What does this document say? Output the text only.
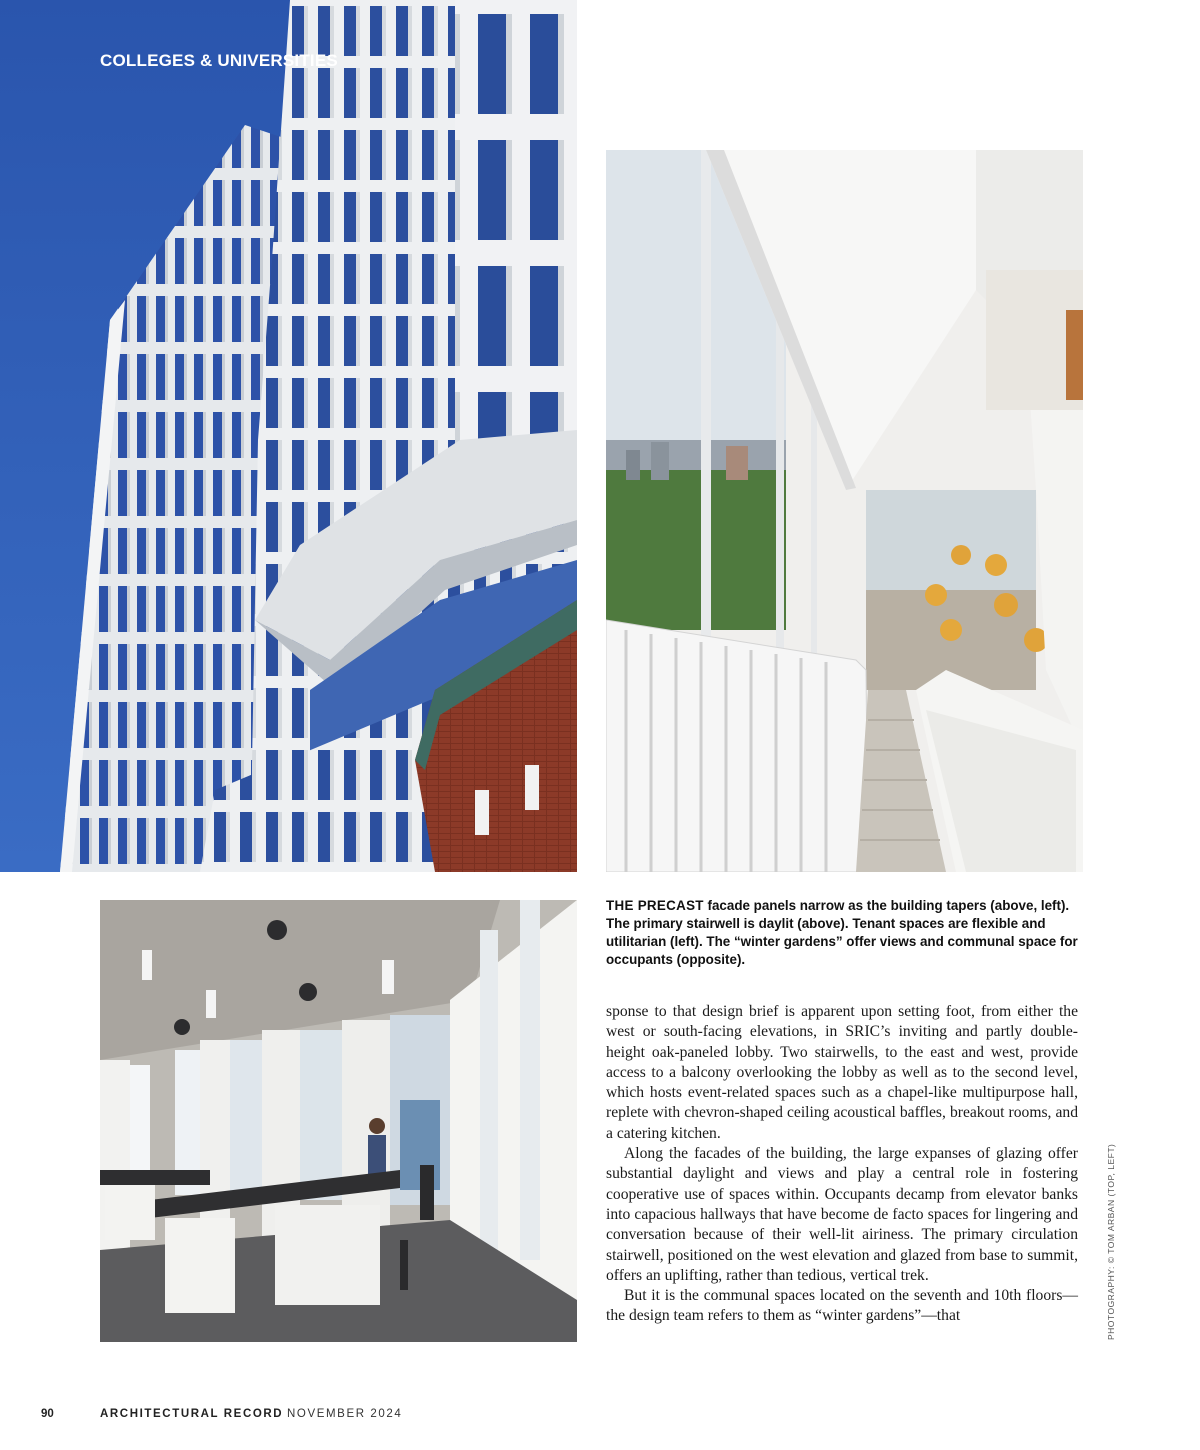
COLLEGES & UNIVERSITIES
THE PRECAST facade panels narrow as the building tapers (above, left). The primary stairwell is daylit (above). Tenant spaces are flexible and utilitarian (left). The “winter gardens” offer views and communal space for occupants (opposite).

sponse to that design brief is apparent upon setting foot, from either the west or south-facing elevations, in SRIC’s inviting and partly double-height oak-paneled lobby. Two stairwells, to the east and west, provide access to a balcony overlooking the lobby as well as to the second level, which hosts event-related spaces such as a chapel-like multipurpose hall, replete with chevron-shaped ceiling acoustical baffles, breakout rooms, and a catering kitchen.

Along the facades of the building, the large expanses of glazing offer substantial daylight and views and play a central role in fostering cooperative use of spaces within. Occupants decamp from elevator banks into capacious hallways that have become de facto spaces for lingering and conversation because of their well-lit airiness. The primary circulation stairwell, positioned on the west elevation and glazed from base to summit, offers an uplifting, rather than tedious, vertical trek.

But it is the communal spaces located on the seventh and 10th floors—the design team refers to them as “winter gardens”—that	PHOTOGRAPHY: © TOM ARBAN (TOP, LEFT)
90	ARCHITECTURAL RECORD NOVEMBER 2024
